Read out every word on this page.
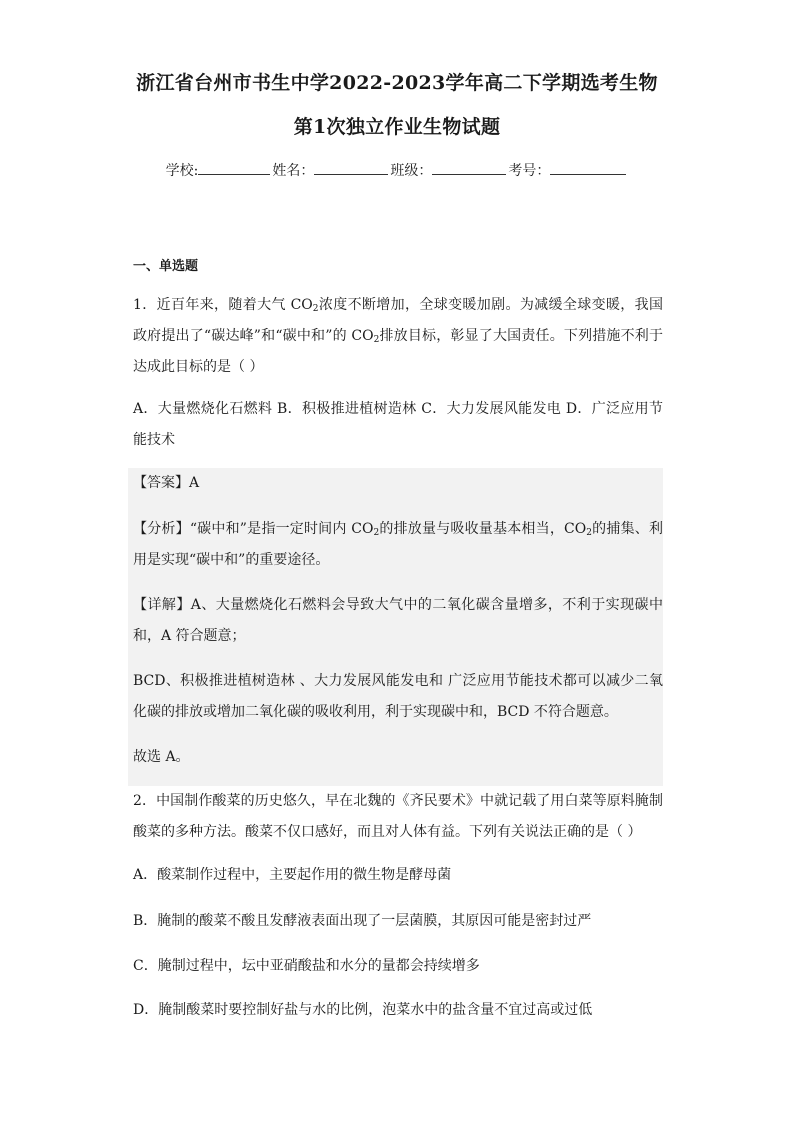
浙江省台州市书生中学2022-2023学年高二下学期选考生物
第1次独立作业生物试题
学校:	姓名：	班级：	考号：
一、单选题
1．近百年来，随着大气 $CO_2$浓度不断增加，全球变暖加剧。为减缓全球变暖，我国政府提出了“碳达峰”和“碳中和”的 $CO_2$排放目标，彰显了大国责任。下列措施不利于达成此目标的是（ ）
A．大量燃烧化石燃料 B．积极推进植树造林 C．大力发展风能发电 D．广泛应用节能技术
【答案】A
【分析】“碳中和”是指一定时间内 $CO_2$的排放量与吸收量基本相当，$CO_2$的捕集、利用是实现“碳中和”的重要途径。
【详解】A、大量燃烧化石燃料会导致大气中的二氧化碳含量增多，不利于实现碳中和，A 符合题意；
BCD、积极推进植树造林 、大力发展风能发电和 广泛应用节能技术都可以减少二氧化碳的排放或增加二氧化碳的吸收利用，利于实现碳中和，BCD 不符合题意。
故选 A。
2．中国制作酸菜的历史悠久，早在北魏的《齐民要术》中就记载了用白菜等原料腌制酸菜的多种方法。酸菜不仅口感好，而且对人体有益。下列有关说法正确的是（ ）
A．酸菜制作过程中，主要起作用的微生物是酵母菌
B．腌制的酸菜不酸且发酵液表面出现了一层菌膜，其原因可能是密封过严
C．腌制过程中，坛中亚硝酸盐和水分的量都会持续增多
D．腌制酸菜时要控制好盐与水的比例，泡菜水中的盐含量不宜过高或过低
